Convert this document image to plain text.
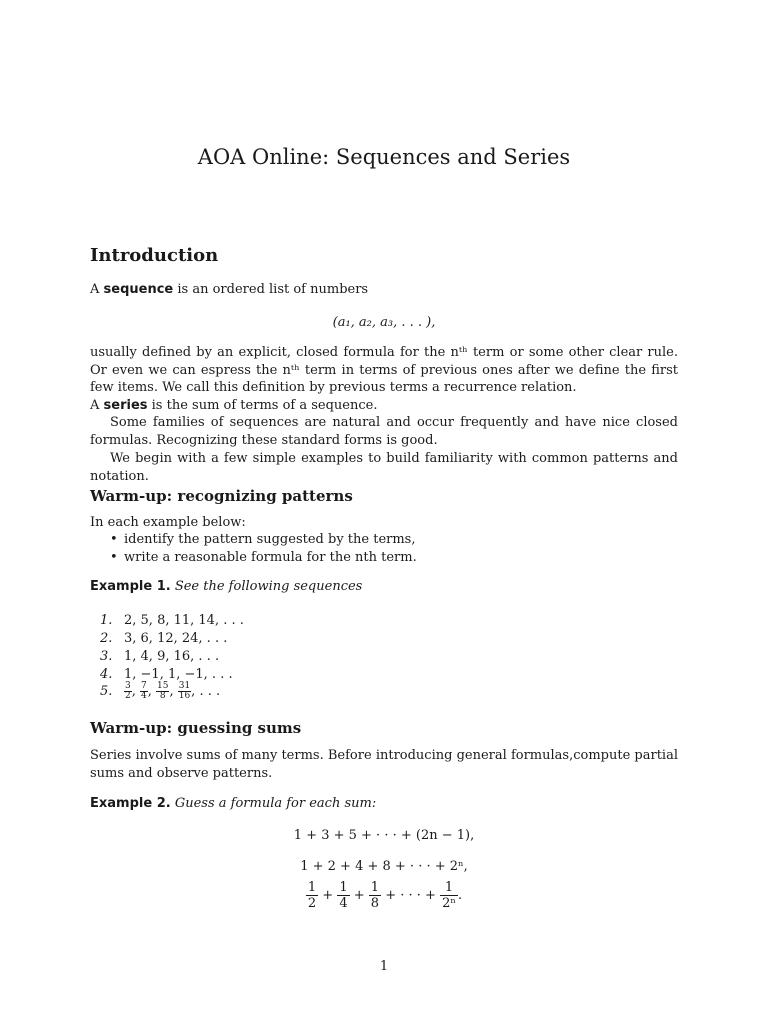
AOA Online: Sequences and Series
Introduction
A sequence is an ordered list of numbers
(a₁, a₂, a₃, . . . ),
usually defined by an explicit, closed formula for the nᵗʰ term or some other clear rule. Or even we can espress the nᵗʰ term in terms of previous ones after we define the first few items. We call this definition by previous terms a recurrence relation.
A series is the sum of terms of a sequence.
Some families of sequences are natural and occur frequently and have nice closed formulas. Recognizing these standard forms is good.
We begin with a few simple examples to build familiarity with common patterns and notation.
Warm-up: recognizing patterns
In each example below:
• identify the pattern suggested by the terms,
• write a reasonable formula for the nth term.
Example 1. See the following sequences
1. 2, 5, 8, 11, 14, . . .
2. 3, 6, 12, 24, . . .
3. 1, 4, 9, 16, . . .
4. 1, −1, 1, −1, . . .
5. $\frac{3}{2}$ , $\frac{7}{4}$ , $\frac{15}{8}$ , $\frac{31}{16}$ , . . .
Warm-up: guessing sums
Series involve sums of many terms. Before introducing general formulas,compute partial sums and observe patterns.
Example 2. Guess a formula for each sum:
1 + 3 + 5 + · · · + (2n − 1),
1 + 2 + 4 + 8 + · · · + 2ⁿ,
$\frac{1}{2} + \frac{1}{4} + \frac{1}{8}$ + · · · + $\frac{1}{\text{2ⁿ}}$ .
1
